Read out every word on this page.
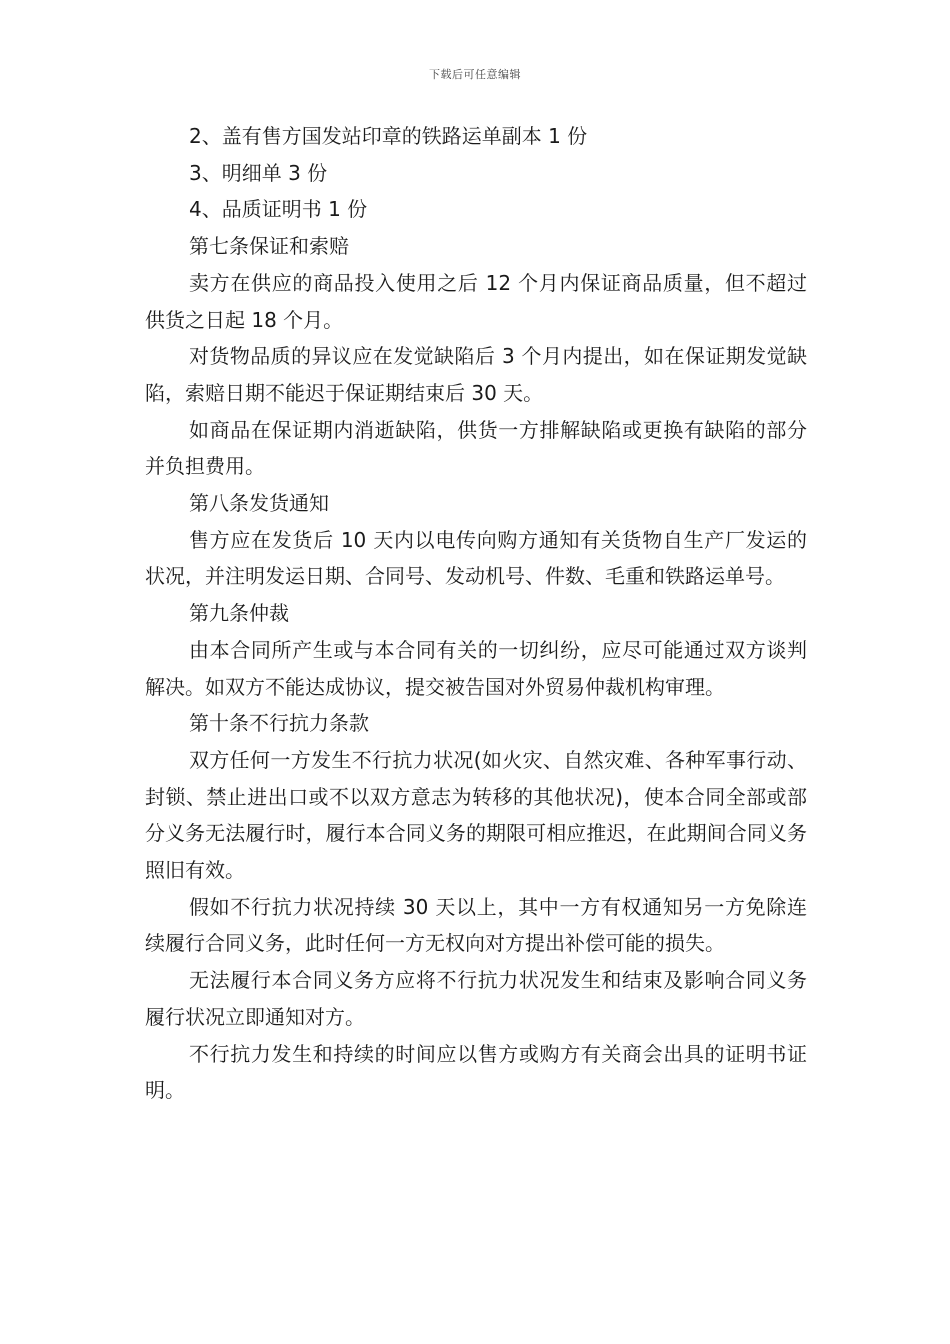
下载后可任意编辑

2、盖有售方国发站印章的铁路运单副本 1 份

3、明细单 3 份

4、品质证明书 1 份

第七条保证和索赔

卖方在供应的商品投入使用之后 12 个月内保证商品质量，但不超过供货之日起 18 个月。

对货物品质的异议应在发觉缺陷后 3 个月内提出，如在保证期发觉缺陷，索赔日期不能迟于保证期结束后 30 天。

如商品在保证期内消逝缺陷，供货一方排解缺陷或更换有缺陷的部分并负担费用。

第八条发货通知

售方应在发货后 10 天内以电传向购方通知有关货物自生产厂发运的状况，并注明发运日期、合同号、发动机号、件数、毛重和铁路运单号。

第九条仲裁

由本合同所产生或与本合同有关的一切纠纷，应尽可能通过双方谈判解决。如双方不能达成协议，提交被告国对外贸易仲裁机构审理。

第十条不行抗力条款

双方任何一方发生不行抗力状况(如火灾、自然灾难、各种军事行动、封锁、禁止进出口或不以双方意志为转移的其他状况)，使本合同全部或部分义务无法履行时，履行本合同义务的期限可相应推迟，在此期间合同义务照旧有效。

假如不行抗力状况持续 30 天以上，其中一方有权通知另一方免除连续履行合同义务，此时任何一方无权向对方提出补偿可能的损失。

无法履行本合同义务方应将不行抗力状况发生和结束及影响合同义务履行状况立即通知对方。

不行抗力发生和持续的时间应以售方或购方有关商会出具的证明书证明。
